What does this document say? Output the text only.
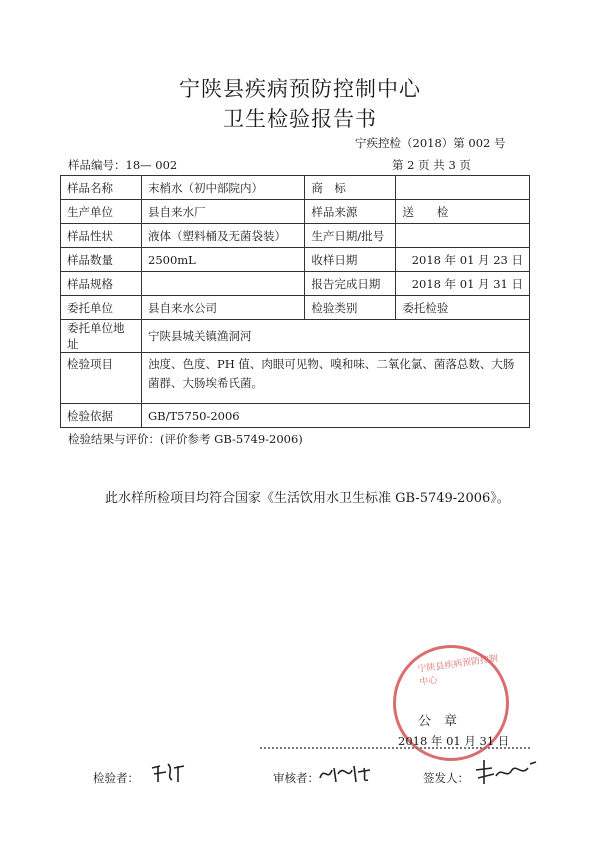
宁陕县疾病预防控制中心
卫生检验报告书
宁疾控检（2018）第 002 号
样品编号：18— 002	第 2 页 共 3 页
样品名称	末梢水（初中部院内）	商　标	
生产单位	县自来水厂	样品来源	送　　检
样品性状	液体（塑料桶及无菌袋装）	生产日期/批号	
样品数量	2500mL	收样日期	2018 年 01 月 23 日
样品规格		报告完成日期	2018 年 01 月 31 日
委托单位	县自来水公司	检验类别	委托检验
委托单位地址	宁陕县城关镇渔洞河		
检验项目	浊度、色度、PH 值、肉眼可见物、嗅和味、二氧化氯、菌落总数、大肠菌群、大肠埃希氏菌。		
检验依据	GB/T5750-2006		
检验结果与评价：(评价参考 GB-5749-2006)
此水样所检项目均符合国家《生活饮用水卫生标准 GB-5749-2006》。
宁陕县疾病预防控制中心
公　章
2018 年 01 月 31 日
检验者：	审核者：	签发人：
